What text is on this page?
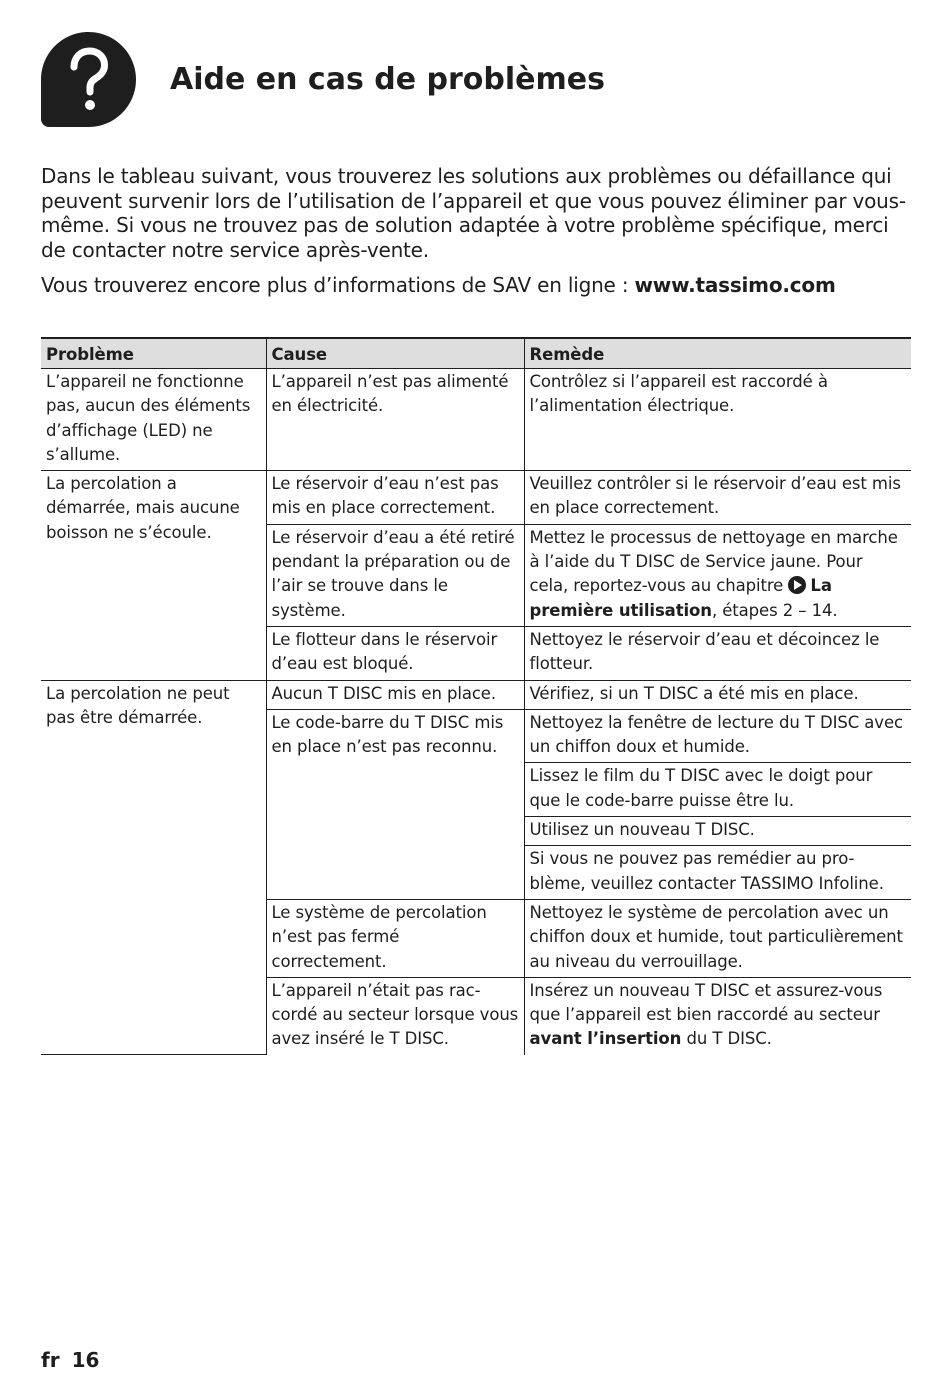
Aide en cas de problèmes

Dans le tableau suivant, vous trouverez les solutions aux problèmes ou défaillance qui peuvent survenir lors de l’utilisation de l’appareil et que vous pouvez éliminer par vous-même. Si vous ne trouvez pas de solution adaptée à votre problème spécifique, merci de contacter notre service après-vente.

Vous trouverez encore plus d’informations de SAV en ligne : www.tassimo.com

Problème	Cause	Remède
L’appareil ne fonctionne pas, aucun des éléments d’affichage (LED) ne s’allume.	L’appareil n’est pas alimenté en électricité.	Contrôlez si l’appareil est raccordé à l’alimentation électrique.
La percolation a démarrée, mais aucune boisson ne s’écoule.	Le réservoir d’eau n’est pas mis en place correctement.	Veuillez contrôler si le réservoir d’eau est mis en place correctement.
	Le réservoir d’eau a été retiré pendant la préparation ou de l’air se trouve dans le système.	Mettez le processus de nettoyage en marche à l’aide du T DISC de Service jaune. Pour cela, reportez-vous au chapitre La première utilisation, étapes 2 – 14.
	Le flotteur dans le réservoir d’eau est bloqué.	Nettoyez le réservoir d’eau et décoincez le flotteur.
La percolation ne peut pas être démarrée.	Aucun T DISC mis en place.	Vérifiez, si un T DISC a été mis en place.
	Le code-barre du T DISC mis en place n’est pas reconnu.	Nettoyez la fenêtre de lecture du T DISC avec un chiffon doux et humide.
		Lissez le film du T DISC avec le doigt pour que le code-barre puisse être lu.
		Utilisez un nouveau T DISC.
		Si vous ne pouvez pas remédier au pro-blème, veuillez contacter TASSIMO Infoline.
	Le système de percolation n’est pas fermé correctement.	Nettoyez le système de percolation avec un chiffon doux et humide, tout particulièrement au niveau du verrouillage.
	L’appareil n’était pas rac-cordé au secteur lorsque vous avez inséré le T DISC.	Insérez un nouveau T DISC et assurez-vous que l’appareil est bien raccordé au secteur avant l’insertion du T DISC.
fr 16
